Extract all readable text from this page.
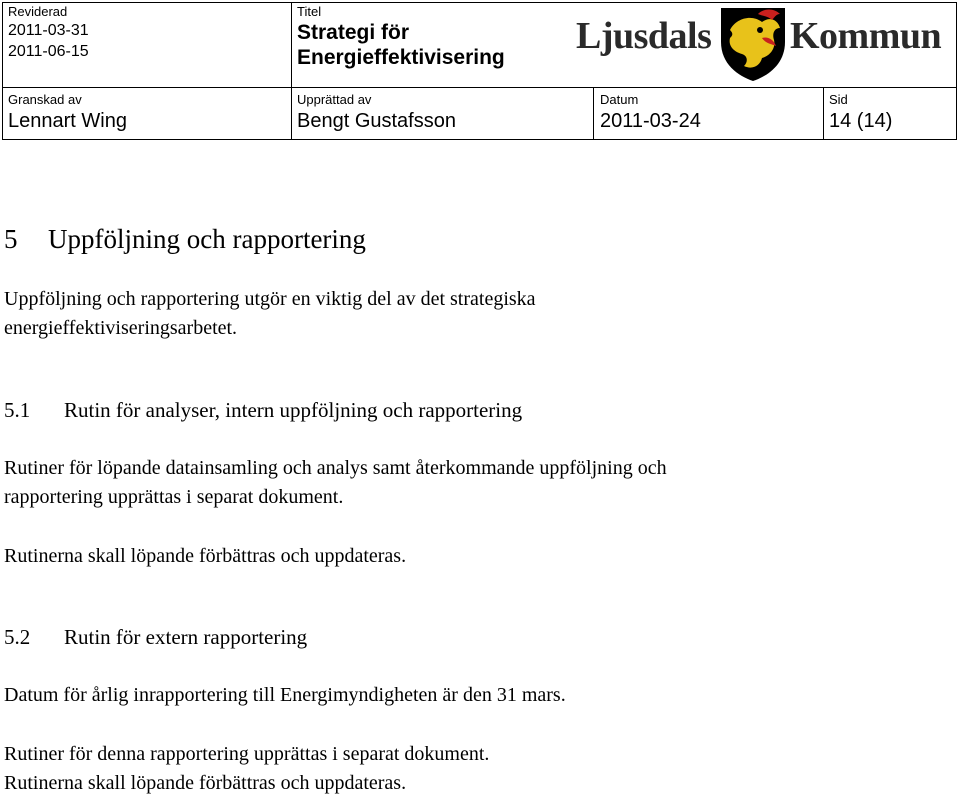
Reviderad
2011-03-31
2011-06-15
Titel
Strategi för
Energieffektivisering
Ljusdals Kommun
Granskad av
Lennart Wing
Upprättad av
Bengt Gustafsson
Datum
2011-03-24
Sid
14 (14)
5 Uppföljning och rapportering
Uppföljning och rapportering utgör en viktig del av det strategiska
energieffektiviseringsarbetet.
5.1 Rutin för analyser, intern uppföljning och rapportering
Rutiner för löpande datainsamling och analys samt återkommande uppföljning och
rapportering upprättas i separat dokument.
Rutinerna skall löpande förbättras och uppdateras.
5.2 Rutin för extern rapportering
Datum för årlig inrapportering till Energimyndigheten är den 31 mars.
Rutiner för denna rapportering upprättas i separat dokument.
Rutinerna skall löpande förbättras och uppdateras.
